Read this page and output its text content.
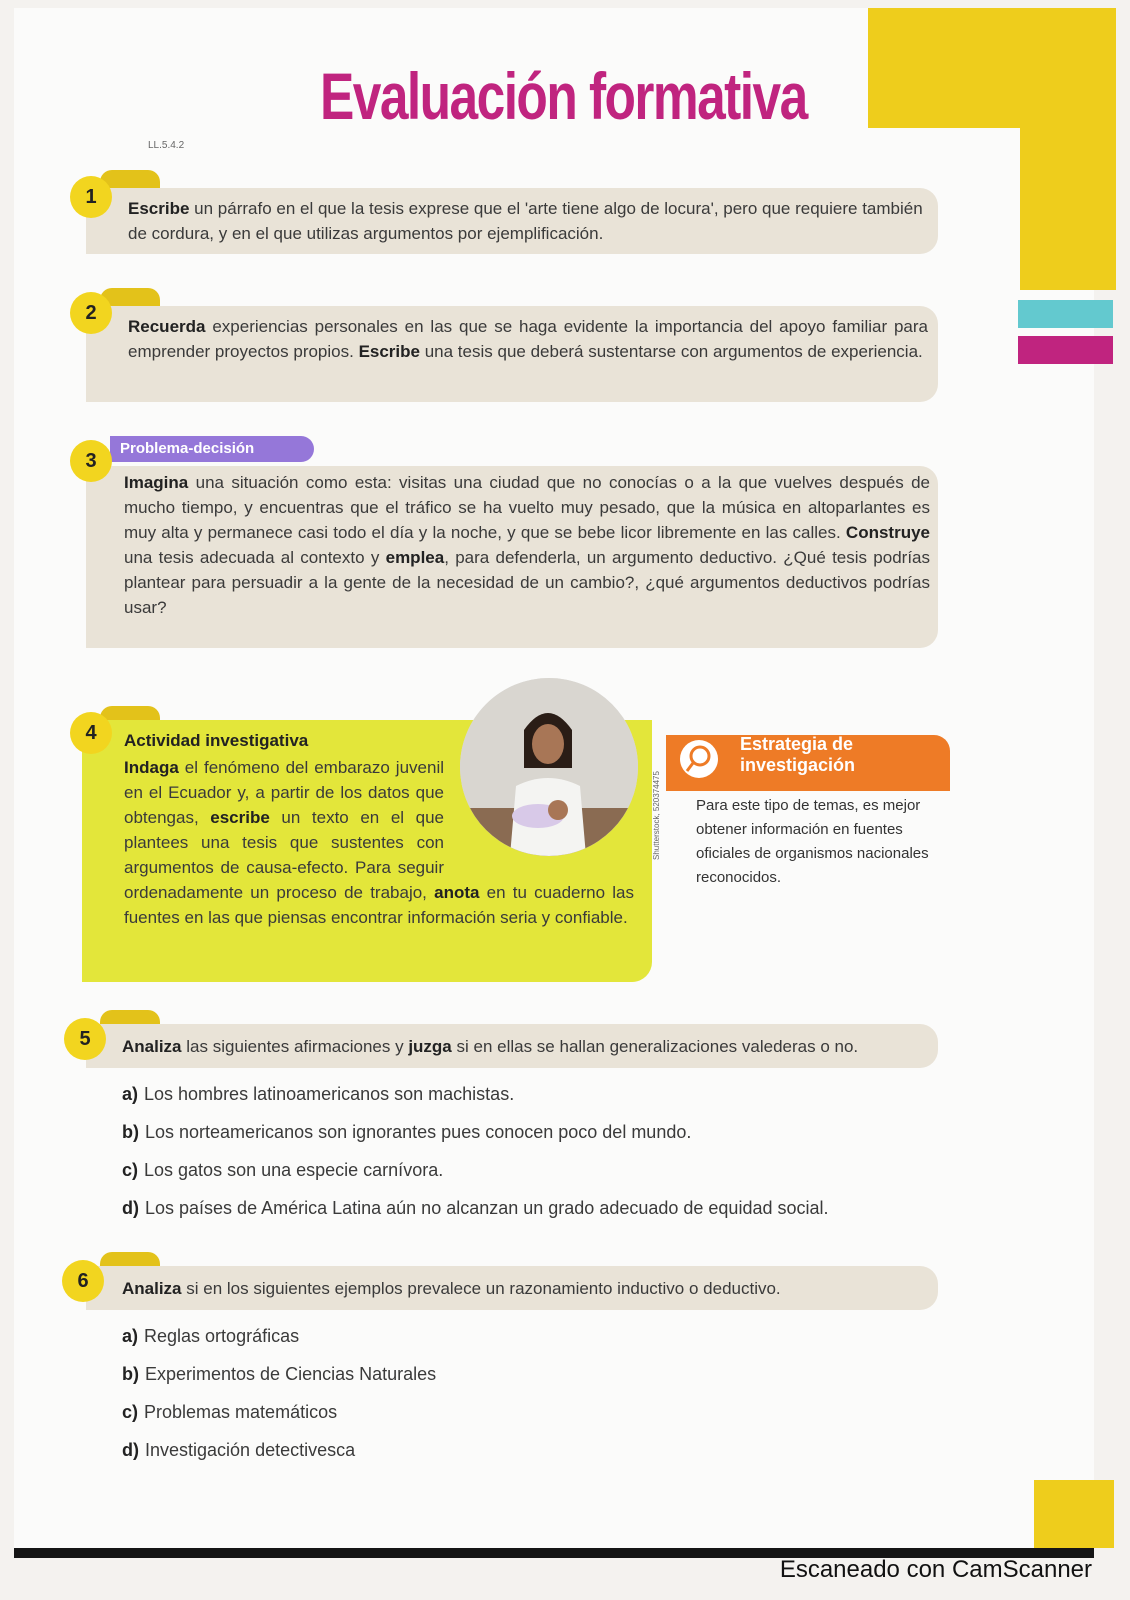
Evaluación formativa
LL.5.4.2
1
Escribe un párrafo en el que la tesis exprese que el 'arte tiene algo de locura', pero que requiere también de cordura, y en el que utilizas argumentos por ejemplificación.
2
Recuerda experiencias personales en las que se haga evidente la importancia del apoyo familiar para emprender proyectos propios. Escribe una tesis que deberá sustentarse con argumentos de experiencia.
Problema-decisión
3
Imagina una situación como esta: visitas una ciudad que no conocías o a la que vuelves después de mucho tiempo, y encuentras que el tráfico se ha vuelto muy pesado, que la música en altoparlantes es muy alta y permanece casi todo el día y la noche, y que se bebe licor libremente en las calles. Construye una tesis adecuada al contexto y emplea, para defenderla, un argumento deductivo. ¿Qué tesis podrías plantear para persuadir a la gente de la necesidad de un cambio?, ¿qué argumentos deductivos podrías usar?
4
Shutterstock, 520374475
Actividad investigativa
Indaga el fenómeno del embarazo juvenil en el Ecuador y, a partir de los datos que obtengas, escribe un texto en el que plantees una tesis que sustentes con argumentos de causa-efecto. Para seguir ordenadamente un proceso de trabajo, anota en tu cuaderno las fuentes en las que piensas encontrar información seria y confiable.
Estrategia de
investigación
Para este tipo de temas, es mejor obtener información en fuentes oficiales de organismos nacionales reconocidos.
5	Analiza las siguientes afirmaciones y juzga si en ellas se hallan generalizaciones valederas o no.
a) Los hombres latinoamericanos son machistas.
b) Los norteamericanos son ignorantes pues conocen poco del mundo.
c) Los gatos son una especie carnívora.
d) Los países de América Latina aún no alcanzan un grado adecuado de equidad social.
6	Analiza si en los siguientes ejemplos prevalece un razonamiento inductivo o deductivo.
a) Reglas ortográficas
b) Experimentos de Ciencias Naturales
c) Problemas matemáticos
d) Investigación detectivesca
Escaneado con CamScanner
